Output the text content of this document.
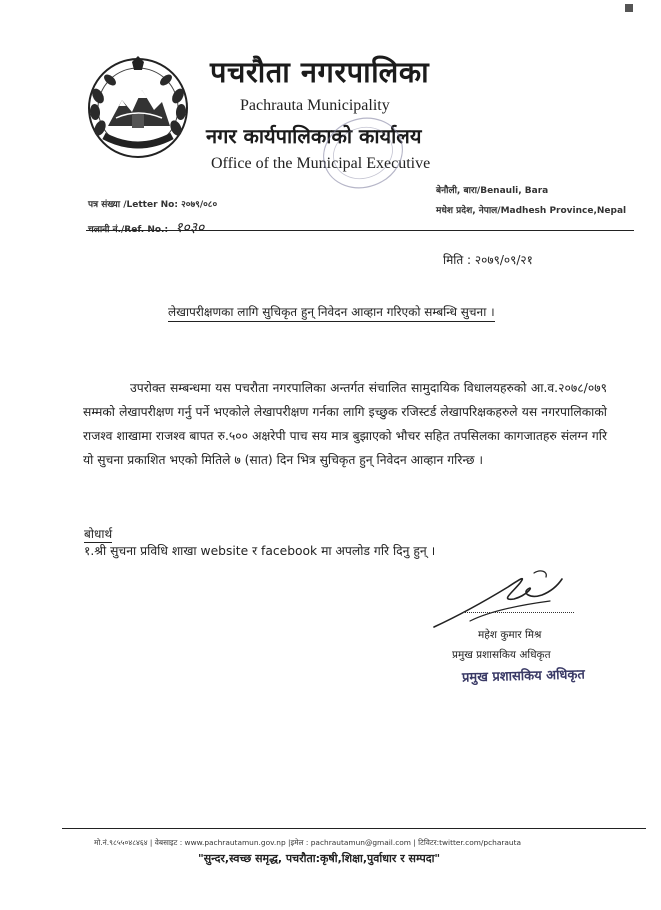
पचरौता नगरपालिका
Pachrauta Municipality
नगर कार्यपालिकाको कार्यालय
Office of the Municipal Executive
पत्र संख्या /Letter No: २०७९/०८०
चलानी नं./Ref. No.: १०३०
बेनौली, बारा/Benauli, Bara
मधेश प्रदेश, नेपाल/Madhesh Province,Nepal
मिति : २०७९/०९/२१
लेखापरीक्षणका लागि सुचिकृत हुन् निवेदन आव्हान गरिएको सम्बन्धि सुचना ।
उपरोक्त सम्बन्धमा यस पचरौता नगरपालिका अन्तर्गत संचालित सामुदायिक विधालयहरुको आ.व.२०७८/०७९ सम्मको लेखापरीक्षण गर्नु पर्ने भएकोले लेखापरीक्षण गर्नका लागि इच्छुक रजिस्टर्ड लेखापरिक्षकहरुले यस नगरपालिकाको राजश्व शाखामा राजश्व बापत रु.५०० अक्षरेपी पाच सय मात्र बुझाएको भौचर सहित तपसिलका कागजातहरु संलग्न गरि यो सुचना प्रकाशित भएको मितिले ७ (सात) दिन भित्र सुचिकृत हुन् निवेदन आव्हान गरिन्छ ।
बोधार्थ
१.श्री सुचना प्रविधि शाखा website र facebook मा अपलोड गरि दिनु हुन् ।
महेश कुमार मिश्र
प्रमुख प्रशासकिय अधिकृत
प्रमुख प्रशासकिय अधिकृत
मो.नं.९८५५०४८४६४ | वेबसाइट : www.pachrautamun.gov.np |इमेल : pachrautamun@gmail.com | टिविटर:twitter.com/pcharauta
"सुन्दर,स्वच्छ समृद्ध, पचरौता:कृषी,शिक्षा,पुर्वाधार र सम्पदा"
